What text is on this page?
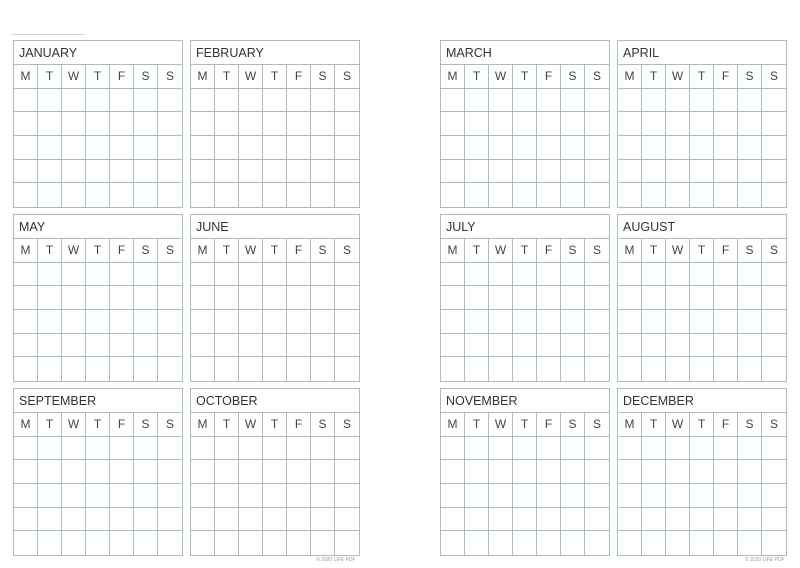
JANUARY
M	T	W	T	F	S	S
FEBRUARY
M	T	W	T	F	S	S
MARCH
M	T	W	T	F	S	S
APRIL
M	T	W	T	F	S	S
MAY
M	T	W	T	F	S	S
JUNE
M	T	W	T	F	S	S
JULY
M	T	W	T	F	S	S
AUGUST
M	T	W	T	F	S	S
SEPTEMBER
M	T	W	T	F	S	S
OCTOBER
M	T	W	T	F	S	S
NOVEMBER
M	T	W	T	F	S	S
DECEMBER
M	T	W	T	F	S	S
© 2020 LIFE PDF	© 2020 LIFE PDF
